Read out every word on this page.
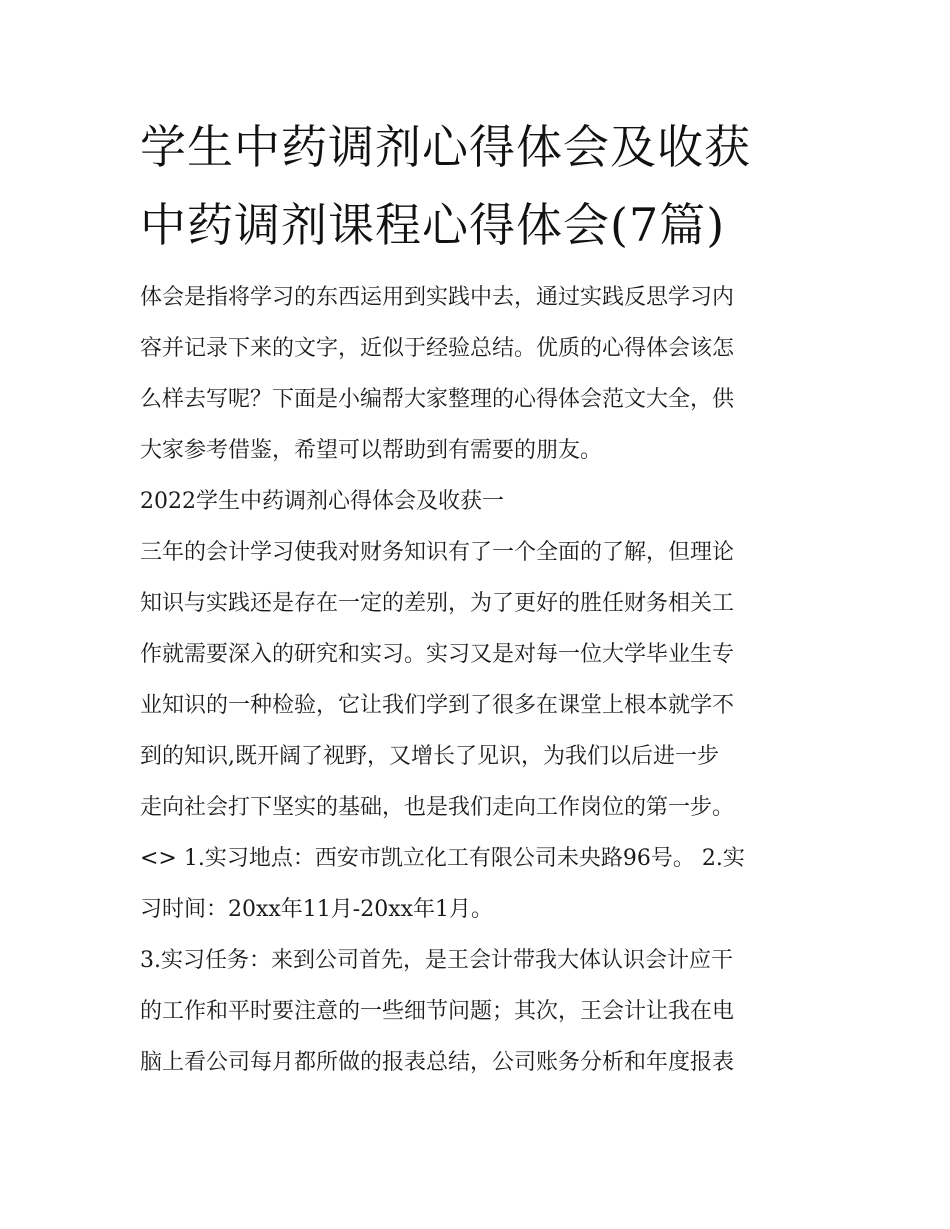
学生中药调剂心得体会及收获
中药调剂课程心得体会(7篇)

体会是指将学习的东西运用到实践中去，通过实践反思学习内
容并记录下来的文字，近似于经验总结。优质的心得体会该怎
么样去写呢？下面是小编帮大家整理的心得体会范文大全，供
大家参考借鉴，希望可以帮助到有需要的朋友。

2022学生中药调剂心得体会及收获一

三年的会计学习使我对财务知识有了一个全面的了解，但理论
知识与实践还是存在一定的差别，为了更好的胜任财务相关工
作就需要深入的研究和实习。实习又是对每一位大学毕业生专
业知识的一种检验，它让我们学到了很多在课堂上根本就学不
到的知识,既开阔了视野，又增长了见识，为我们以后进一步
走向社会打下坚实的基础，也是我们走向工作岗位的第一步。

<> 1.实习地点：西安市凯立化工有限公司未央路96号。 2.实
习时间：20xx年11月-20xx年1月。

3.实习任务：来到公司首先，是王会计带我大体认识会计应干
的工作和平时要注意的一些细节问题；其次，王会计让我在电
脑上看公司每月都所做的报表总结，公司账务分析和年度报表
